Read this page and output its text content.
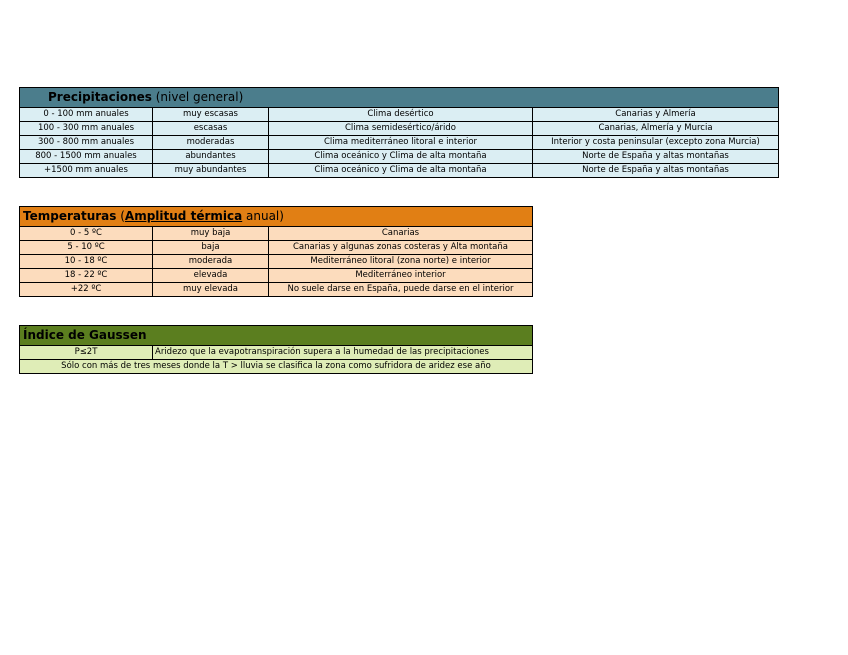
Precipitaciones (nivel general)			
0 - 100 mm anuales	muy escasas	Clima desértico	Canarias y Almería
100 - 300 mm anuales	escasas	Clima semidesértico/árido	Canarias, Almería y Murcia
300 - 800 mm anuales	moderadas	Clima mediterráneo litoral e interior	Interior y costa peninsular (excepto zona Murcia)
800 - 1500 mm anuales	abundantes	Clima oceánico y Clima de alta montaña	Norte de España y altas montañas
+1500 mm anuales	muy abundantes	Clima oceánico y Clima de alta montaña	Norte de España y altas montañas
Temperaturas (Amplitud térmica anual)		
0 - 5 ºC	muy baja	Canarias
5 - 10 ºC	baja	Canarias y algunas zonas costeras y Alta montaña
10 - 18 ºC	moderada	Mediterráneo litoral (zona norte) e interior
18 - 22 ºC	elevada	Mediterráneo interior
+22 ºC	muy elevada	No suele darse en España, puede darse en el interior
Índice de Gaussen
P≤2T	Aridezo que la evapotranspiración supera a la humedad de las precipitaciones
Sólo con más de tres meses donde la T > lluvia se clasifica la zona como sufridora de aridez ese año
